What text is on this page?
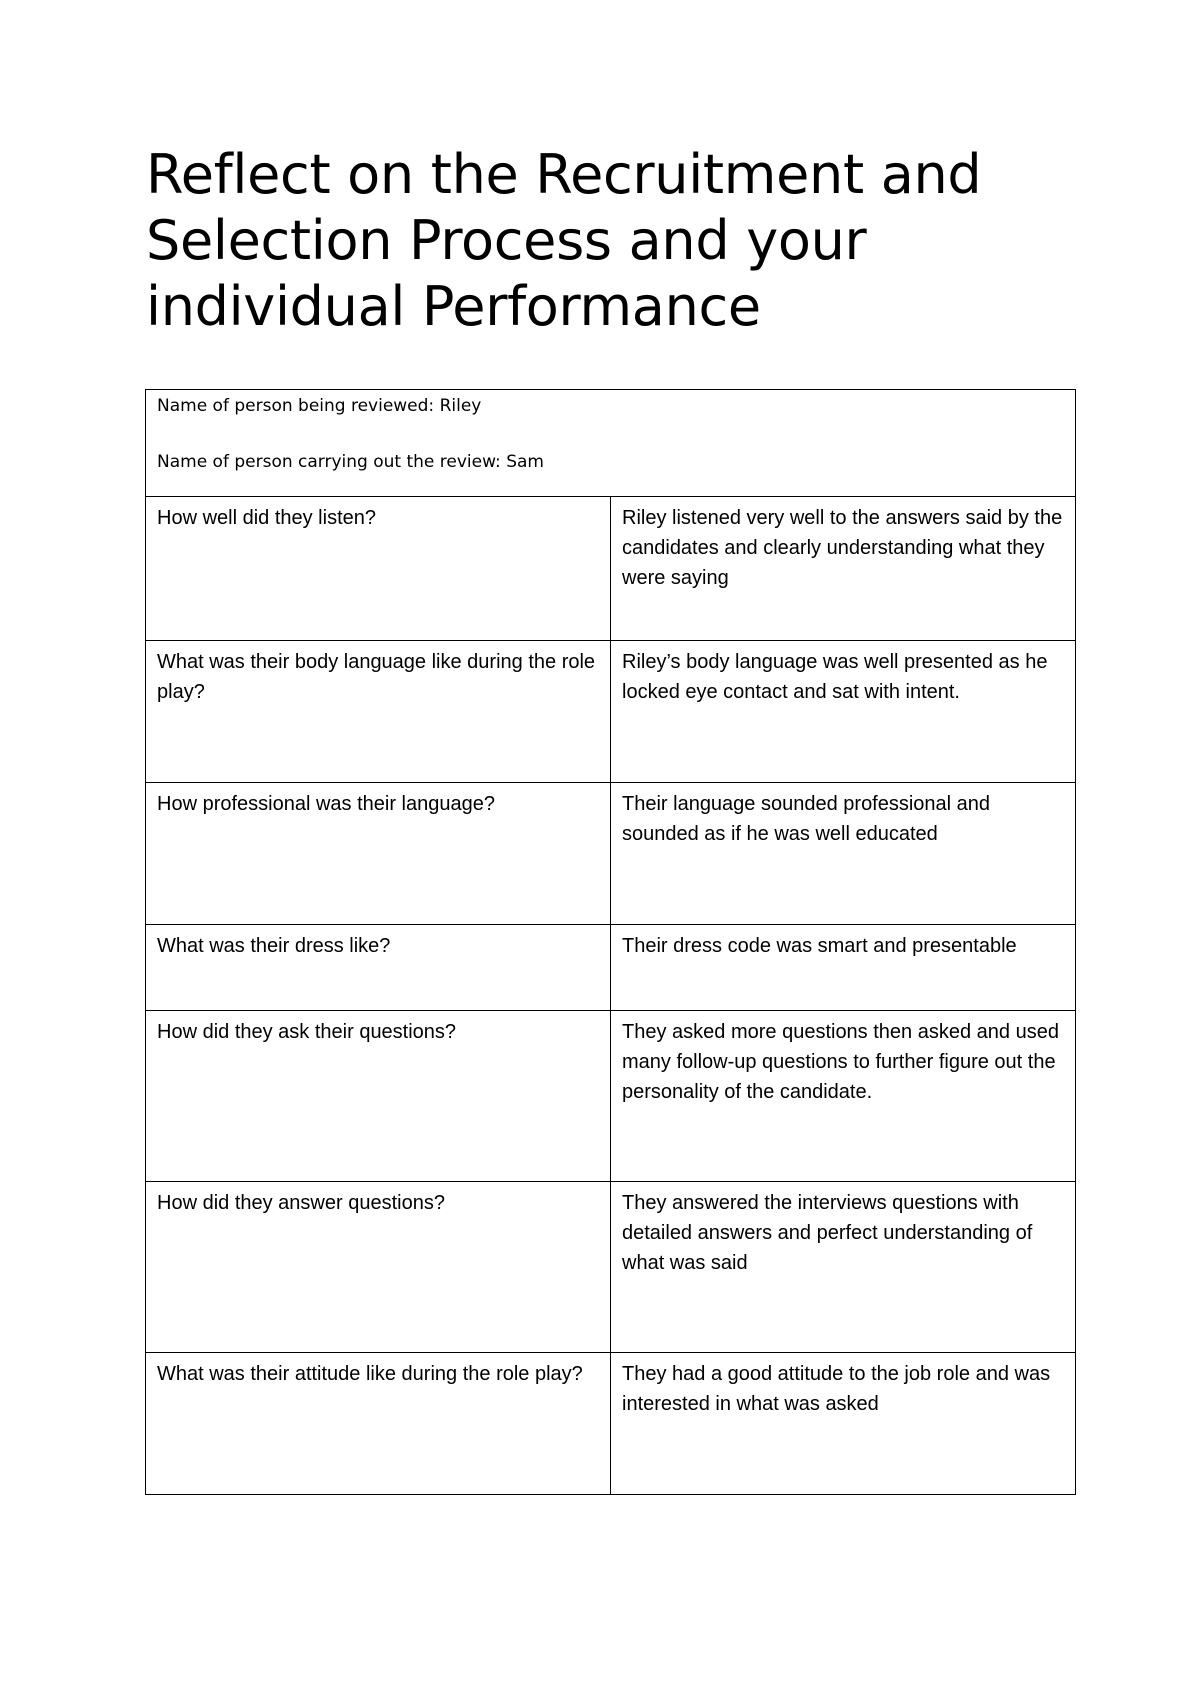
Reflect on the Recruitment and Selection Process and your individual Performance

Name of person being reviewed: Riley

Name of person carrying out the review: Sam	

How well did they listen?	Riley listened very well to the answers said by the candidates and clearly understanding what they were saying
What was their body language like during the role play?	Riley’s body language was well presented as he locked eye contact and sat with intent.
How professional was their language?	Their language sounded professional and sounded as if he was well educated
What was their dress like?	Their dress code was smart and presentable
How did they ask their questions?	They asked more questions then asked and used many follow-up questions to further figure out the personality of the candidate.
How did they answer questions?	They answered the interviews questions with detailed answers and perfect understanding of what was said
What was their attitude like during the role play?	They had a good attitude to the job role and was interested in what was asked
